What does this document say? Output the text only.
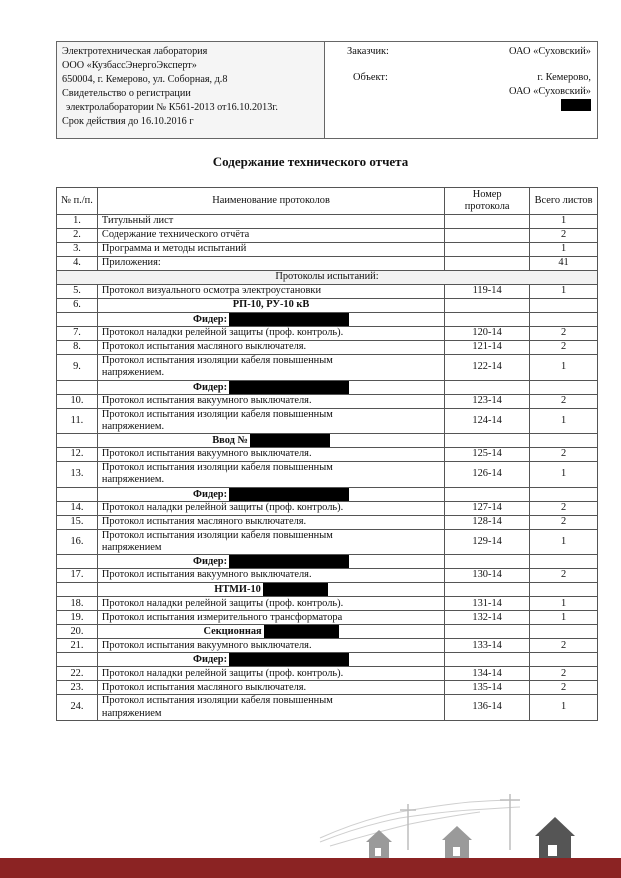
Электротехническая лаборатория
ООО «КузбассЭнергоЭксперт»
650004, г. Кемерово, ул. Соборная, д.8
Свидетельство о регистрации
электролаборатории № К561-2013 от16.10.2013г.
Срок действия до 16.10.2016 г
Заказчик:	ОАО «Суховский»
Объект:	г. Кемерово,
ОАО «Суховский»
Содержание технического отчета
№ п./п.	Наименование протоколов	Номер протокола	Всего листов
1.	Титульный лист		1
2.	Содержание технического отчёта		2
3.	Программа и методы испытаний		1
4.	Приложения:		41
Протоколы испытаний:			
5.	Протокол визуального осмотра электроустановки	119-14	1
6.	РП-10, РУ-10 кВ		
	Фидер:		
7.	Протокол наладки релейной защиты (проф. контроль).	120-14	2
8.	Протокол испытания масляного выключателя.	121-14	2
9.	Протокол испытания изоляции кабеля повышенным
напряжением.	122-14	1
	Фидер:		
10.	Протокол испытания вакуумного выключателя.	123-14	2
11.	Протокол испытания изоляции кабеля повышенным
напряжением.	124-14	1
	Ввод №		
12.	Протокол испытания вакуумного выключателя.	125-14	2
13.	Протокол испытания изоляции кабеля повышенным
напряжением.	126-14	1
	Фидер:		
14.	Протокол наладки релейной защиты (проф. контроль).	127-14	2
15.	Протокол испытания масляного выключателя.	128-14	2
16.	Протокол испытания изоляции кабеля повышенным
напряжением	129-14	1
	Фидер:		
17.	Протокол испытания вакуумного выключателя.	130-14	2
	НТМИ-10		
18.	Протокол наладки релейной защиты (проф. контроль).	131-14	1
19.	Протокол испытания измерительного трансформатора	132-14	1
20.	Секционная		
21.	Протокол испытания вакуумного выключателя.	133-14	2
	Фидер:		
22.	Протокол наладки релейной защиты (проф. контроль).	134-14	2
23.	Протокол испытания масляного выключателя.	135-14	2
24.	Протокол испытания изоляции кабеля повышенным
напряжением	136-14	1
